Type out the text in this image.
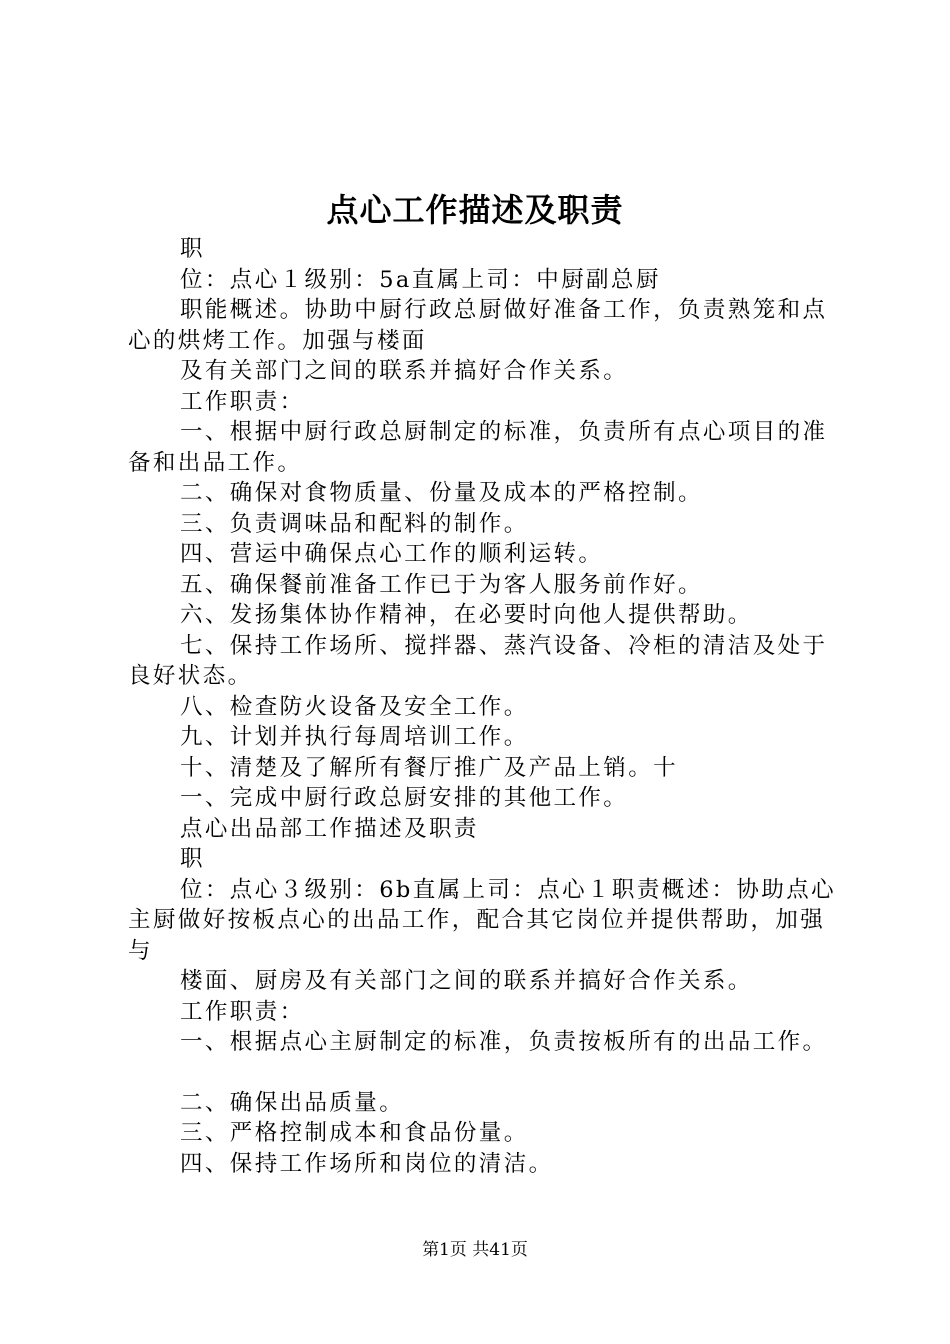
点心工作描述及职责
职
位：点心１级别：5a直属上司：中厨副总厨
职能概述。协助中厨行政总厨做好准备工作，负责熟笼和点心的烘烤工作。加强与楼面
及有关部门之间的联系并搞好合作关系。
工作职责：
一、根据中厨行政总厨制定的标准，负责所有点心项目的准备和出品工作。
二、确保对食物质量、份量及成本的严格控制。
三、负责调味品和配料的制作。
四、营运中确保点心工作的顺利运转。
五、确保餐前准备工作已于为客人服务前作好。
六、发扬集体协作精神，在必要时向他人提供帮助。
七、保持工作场所、搅拌器、蒸汽设备、冷柜的清洁及处于良好状态。
八、检查防火设备及安全工作。
九、计划并执行每周培训工作。
十、清楚及了解所有餐厅推广及产品上销。十
一、完成中厨行政总厨安排的其他工作。
点心出品部工作描述及职责
职
位：点心３级别：6b直属上司：点心１职责概述：协助点心主厨做好按板点心的出品工作，配合其它岗位并提供帮助，加强与
楼面、厨房及有关部门之间的联系并搞好合作关系。
工作职责：
一、根据点心主厨制定的标准，负责按板所有的出品工作。
二、确保出品质量。
三、严格控制成本和食品份量。
四、保持工作场所和岗位的清洁。
第1页 共41页
